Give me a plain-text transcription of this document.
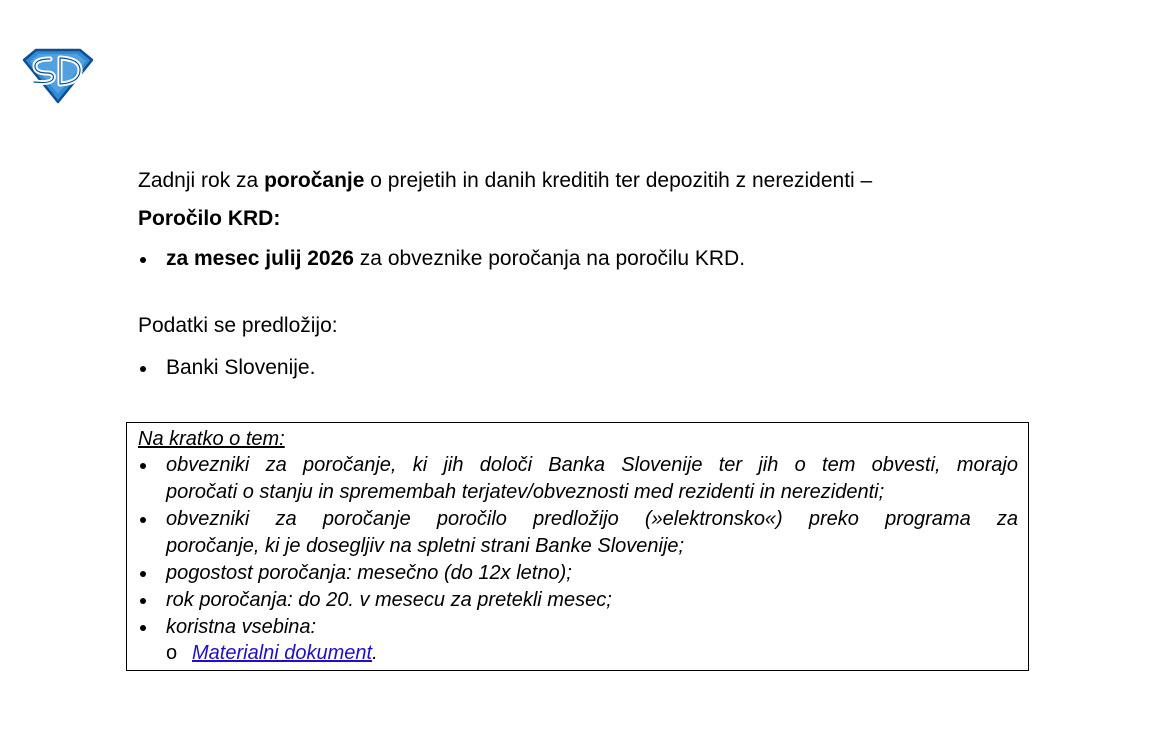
Zadnji rok za poročanje o prejetih in danih kreditih ter depozitih z nerezidenti –
Poročilo KRD:

za mesec julij 2026 za obveznike poročanja na poročilu KRD.

Podatki se predložijo:

Banki Slovenije.

Na kratko o tem:

obvezniki za poročanje, ki jih določi Banka Slovenije ter jih o tem obvesti, morajo
poročati o stanju in spremembah terjatev/obveznosti med rezidenti in nerezidenti;
obvezniki za poročanje poročilo predložijo (»elektronsko«) preko programa za
poročanje, ki je dosegljiv na spletni strani Banke Slovenije;
pogostost poročanja: mesečno (do 12x letno);
rok poročanja: do 20. v mesecu za pretekli mesec;
koristna vsebina:
o Materialni dokument.
